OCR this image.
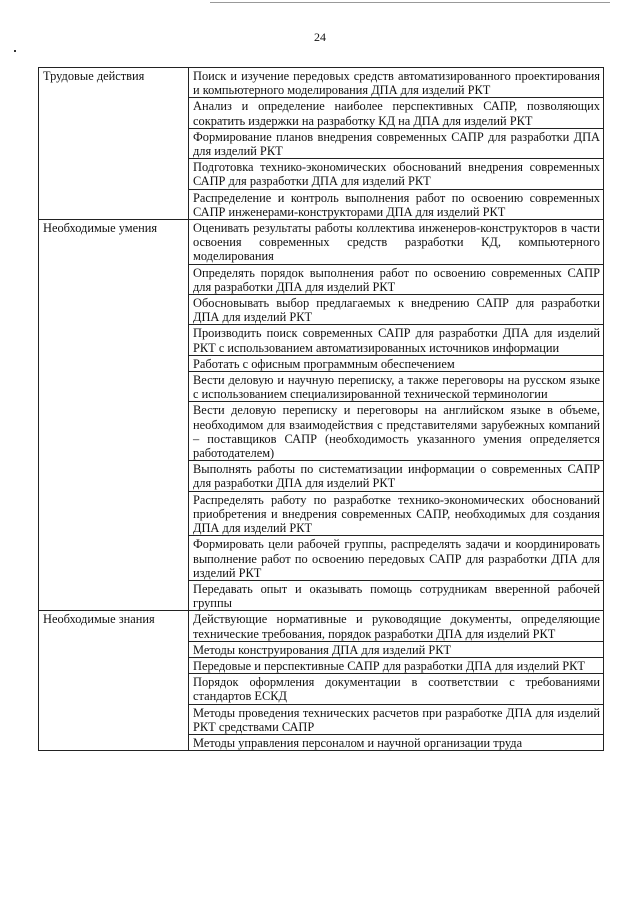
24
Трудовые действия	Поиск и изучение передовых средств автоматизированного проектирования и компьютерного моделирования ДПА для изделий РКТ
	Анализ и определение наиболее перспективных САПР, позволяющих сократить издержки на разработку КД на ДПА для изделий РКТ
	Формирование планов внедрения современных САПР для разработки ДПА для изделий РКТ
	Подготовка технико-экономических обоснований внедрения современных САПР для разработки ДПА для изделий РКТ
	Распределение и контроль выполнения работ по освоению современных САПР инженерами-конструкторами ДПА для изделий РКТ
Необходимые умения	Оценивать результаты работы коллектива инженеров-конструкторов в части освоения современных средств разработки КД, компьютерного моделирования
	Определять порядок выполнения работ по освоению современных САПР для разработки ДПА для изделий РКТ
	Обосновывать выбор предлагаемых к внедрению САПР для разработки ДПА для изделий РКТ
	Производить поиск современных САПР для разработки ДПА для изделий РКТ с использованием автоматизированных источников информации
	Работать с офисным программным обеспечением
	Вести деловую и научную переписку, а также переговоры на русском языке с использованием специализированной технической терминологии
	Вести деловую переписку и переговоры на английском языке в объеме, необходимом для взаимодействия с представителями зарубежных компаний – поставщиков САПР (необходимость указанного умения определяется работодателем)
	Выполнять работы по систематизации информации о современных САПР для разработки ДПА для изделий РКТ
	Распределять работу по разработке технико-экономических обоснований приобретения и внедрения современных САПР, необходимых для создания ДПА для изделий РКТ
	Формировать цели рабочей группы, распределять задачи и координировать выполнение работ по освоению передовых САПР для разработки ДПА для изделий РКТ
	Передавать опыт и оказывать помощь сотрудникам вверенной рабочей группы
Необходимые знания	Действующие нормативные и руководящие документы, определяющие технические требования, порядок разработки ДПА для изделий РКТ
	Методы конструирования ДПА для изделий РКТ
	Передовые и перспективные САПР для разработки ДПА для изделий РКТ
	Порядок оформления документации в соответствии с требованиями стандартов ЕСКД
	Методы проведения технических расчетов при разработке ДПА для изделий РКТ средствами САПР
	Методы управления персоналом и научной организации труда
